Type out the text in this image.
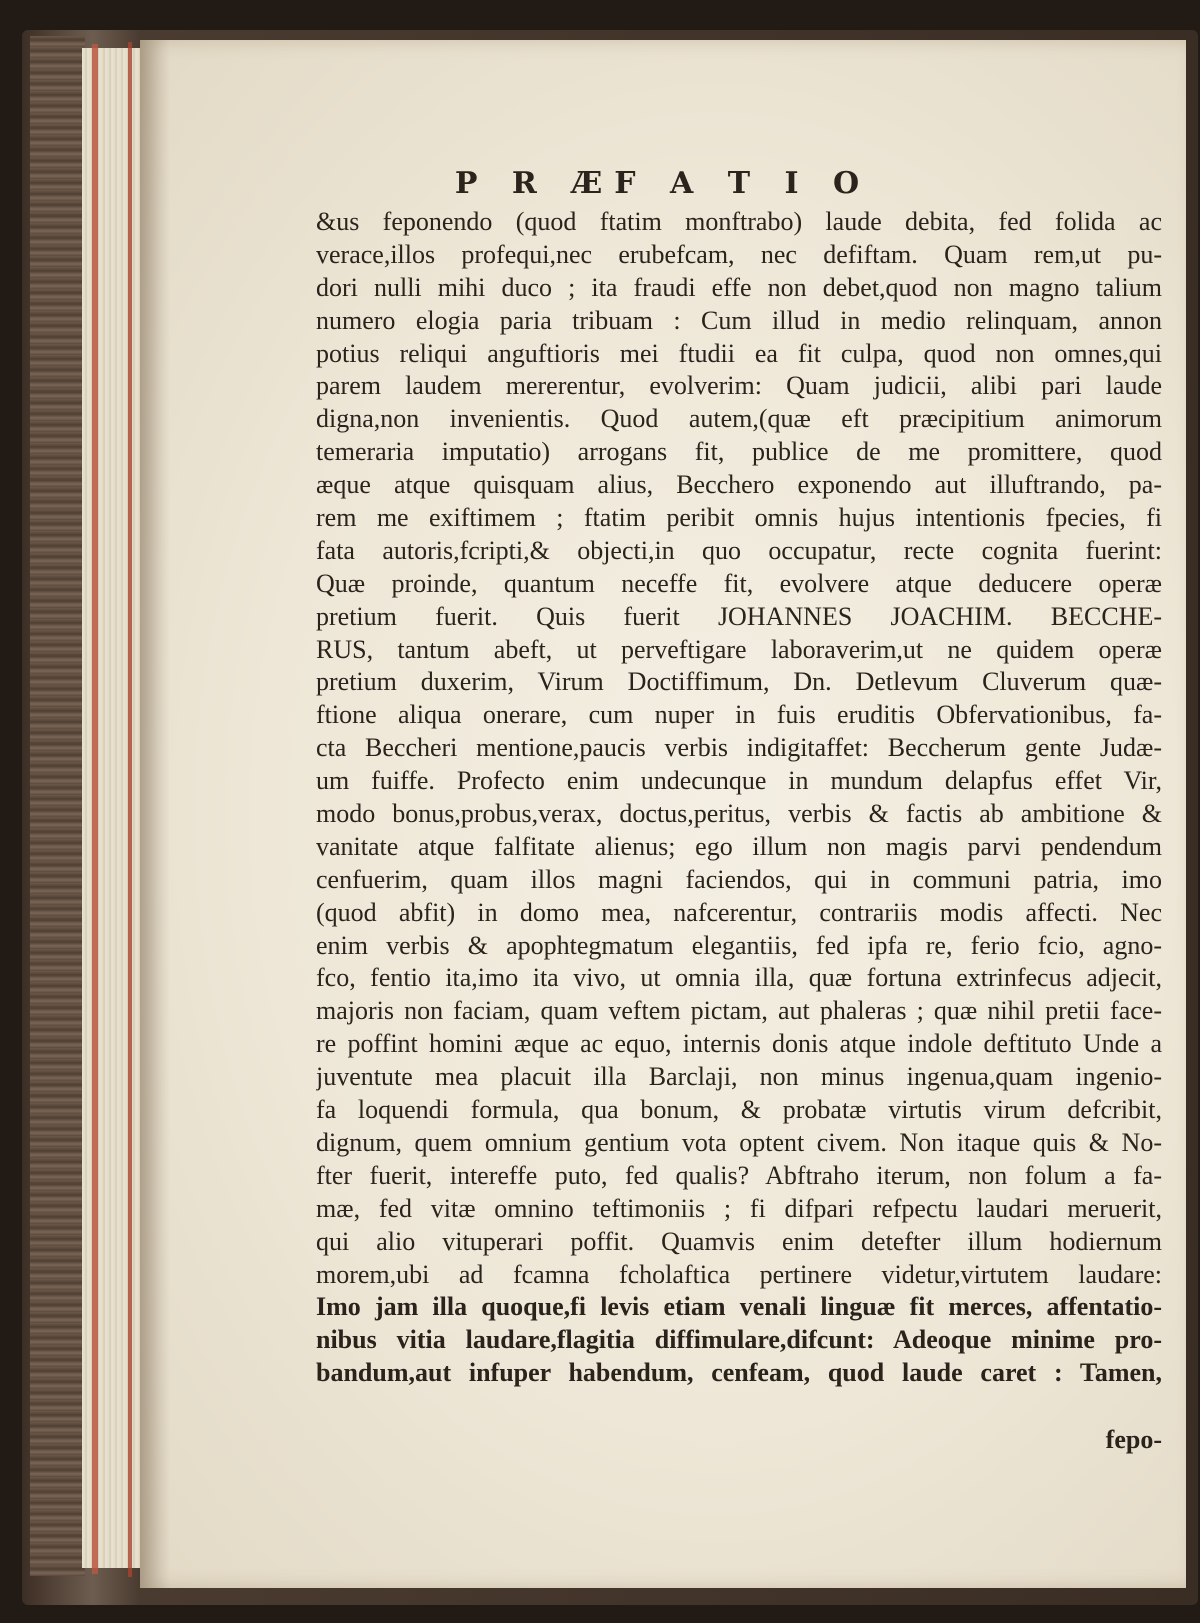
P R ÆF A T I O
&us feponendo (quod ftatim monftrabo) laude debita, fed folida ac
verace,illos profequi,nec erubefcam, nec defiftam. Quam rem,ut pu-
dori nulli mihi duco ; ita fraudi effe non debet,quod non magno talium
numero elogia paria tribuam : Cum illud in medio relinquam, annon
potius reliqui anguftioris mei ftudii ea fit culpa, quod non omnes,qui
parem laudem mererentur, evolverim: Quam judicii, alibi pari laude
digna,non invenientis. Quod autem,(quæ eft præcipitium animorum
temeraria imputatio) arrogans fit, publice de me promittere, quod
æque atque quisquam alius, Becchero exponendo aut illuftrando, pa-
rem me exiftimem ; ftatim peribit omnis hujus intentionis fpecies, fi
fata autoris,fcripti,& objecti,in quo occupatur, recte cognita fuerint:
Quæ proinde, quantum neceffe fit, evolvere atque deducere operæ
pretium fuerit. Quis fuerit JOHANNES JOACHIM. BECCHE-
RUS, tantum abeft, ut perveftigare laboraverim,ut ne quidem operæ
pretium duxerim, Virum Doctiffimum, Dn. Detlevum Cluverum quæ-
ftione aliqua onerare, cum nuper in fuis eruditis Obfervationibus, fa-
cta Beccheri mentione,paucis verbis indigitaffet: Beccherum gente Judæ-
um fuiffe. Profecto enim undecunque in mundum delapfus effet Vir,
modo bonus,probus,verax, doctus,peritus, verbis & factis ab ambitione &
vanitate atque falfitate alienus; ego illum non magis parvi pendendum
cenfuerim, quam illos magni faciendos, qui in communi patria, imo
(quod abfit) in domo mea, nafcerentur, contrariis modis affecti. Nec
enim verbis & apophtegmatum elegantiis, fed ipfa re, ferio fcio, agno-
fco, fentio ita,imo ita vivo, ut omnia illa, quæ fortuna extrinfecus adjecit,
majoris non faciam, quam veftem pictam, aut phaleras ; quæ nihil pretii face-
re poffint homini æque ac equo, internis donis atque indole deftituto Unde a
juventute mea placuit illa Barclaji, non minus ingenua,quam ingenio-
fa loquendi formula, qua bonum, & probatæ virtutis virum defcribit,
dignum, quem omnium gentium vota optent civem. Non itaque quis & No-
fter fuerit, intereffe puto, fed qualis? Abftraho iterum, non folum a fa-
mæ, fed vitæ omnino teftimoniis ; fi difpari refpectu laudari meruerit,
qui alio vituperari poffit. Quamvis enim detefter illum hodiernum
morem,ubi ad fcamna fcholaftica pertinere videtur,virtutem laudare:
Imo jam illa quoque,fi levis etiam venali linguæ fit merces, affentatio-
nibus vitia laudare,flagitia diffimulare,difcunt: Adeoque minime pro-
bandum,aut infuper habendum, cenfeam, quod laude caret : Tamen,

fepo-
